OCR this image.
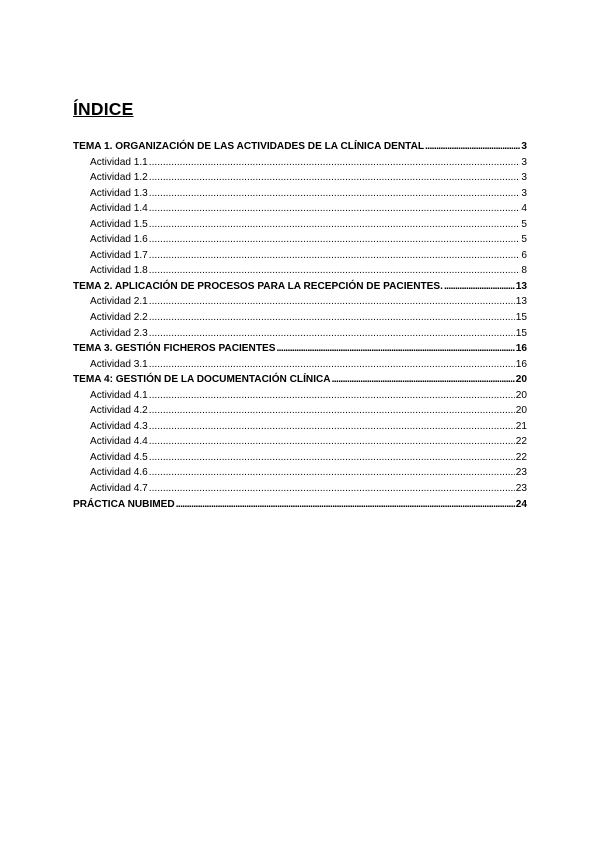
ÍNDICE
TEMA 1. ORGANIZACIÓN DE LAS ACTIVIDADES DE LA CLÍNICA DENTAL .....	3
Actividad 1.1 .....	3
Actividad 1.2 .....	3
Actividad 1.3 .....	3
Actividad 1.4 .....	4
Actividad 1.5 .....	5
Actividad 1.6 .....	5
Actividad 1.7 .....	6
Actividad 1.8 .....	8
TEMA 2. APLICACIÓN DE PROCESOS PARA LA RECEPCIÓN DE PACIENTES. .....	13
Actividad 2.1 .....	13
Actividad 2.2 .....	15
Actividad 2.3 .....	15
TEMA 3. GESTIÓN FICHEROS PACIENTES .....	16
Actividad 3.1 .....	16
TEMA 4: GESTIÓN DE LA DOCUMENTACIÓN CLÍNICA .....	20
Actividad 4.1 .....	20
Actividad 4.2 .....	20
Actividad 4.3 .....	21
Actividad 4.4 .....	22
Actividad 4.5 .....	22
Actividad 4.6 .....	23
Actividad 4.7 .....	23
PRÁCTICA NUBIMED .....	24
